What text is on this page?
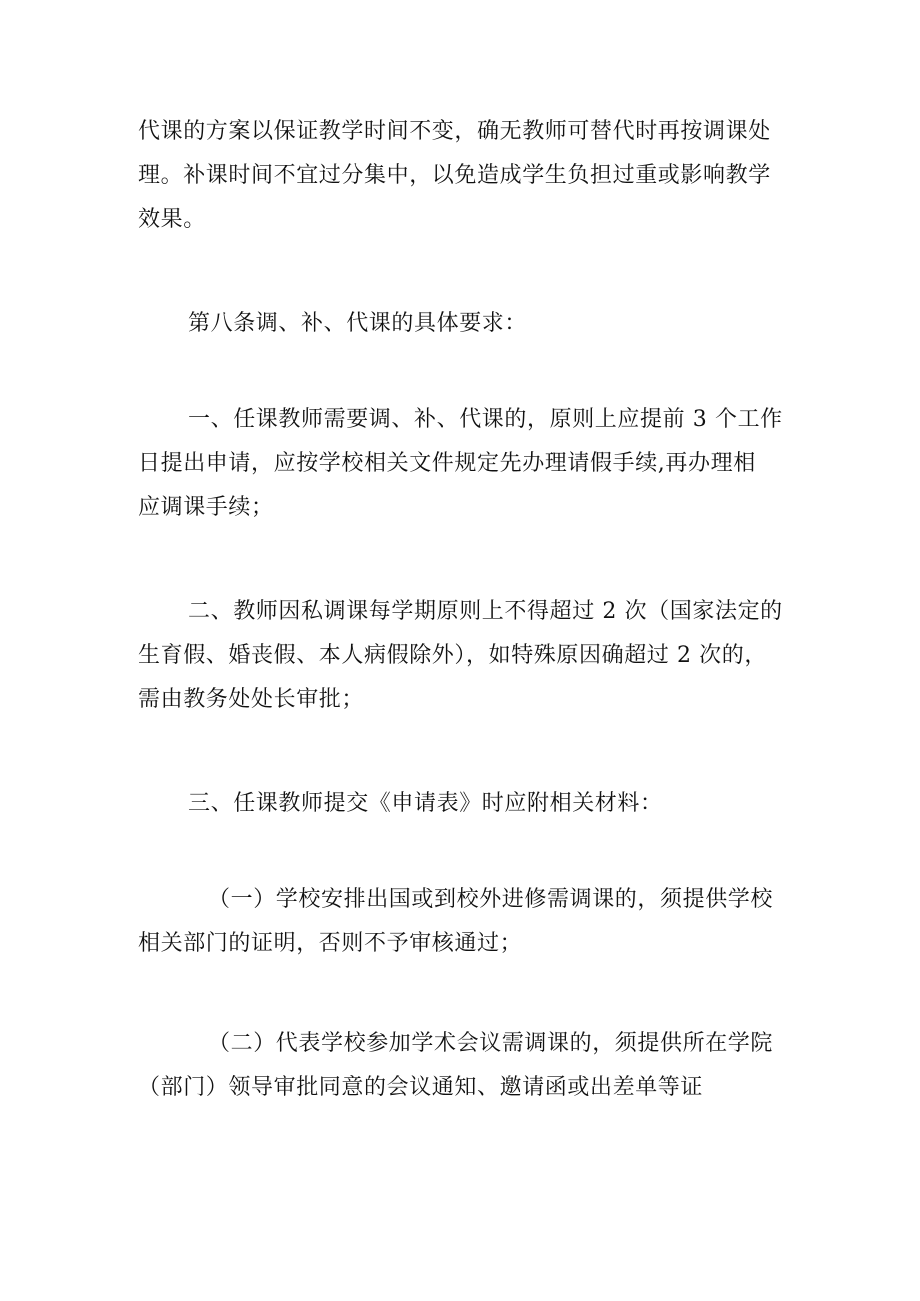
代课的方案以保证教学时间不变，确无教师可替代时再按调课处
理。补课时间不宜过分集中，以免造成学生负担过重或影响教学
效果。

第八条调、补、代课的具体要求：

一、任课教师需要调、补、代课的，原则上应提前 3 个工作
日提出申请，应按学校相关文件规定先办理请假手续,再办理相
应调课手续；

二、教师因私调课每学期原则上不得超过 2 次（国家法定的
生育假、婚丧假、本人病假除外），如特殊原因确超过 2 次的，
需由教务处处长审批；

三、任课教师提交《申请表》时应附相关材料：

（一）学校安排出国或到校外进修需调课的，须提供学校
相关部门的证明，否则不予审核通过；

（二）代表学校参加学术会议需调课的，须提供所在学院
（部门）领导审批同意的会议通知、邀请函或出差单等证
